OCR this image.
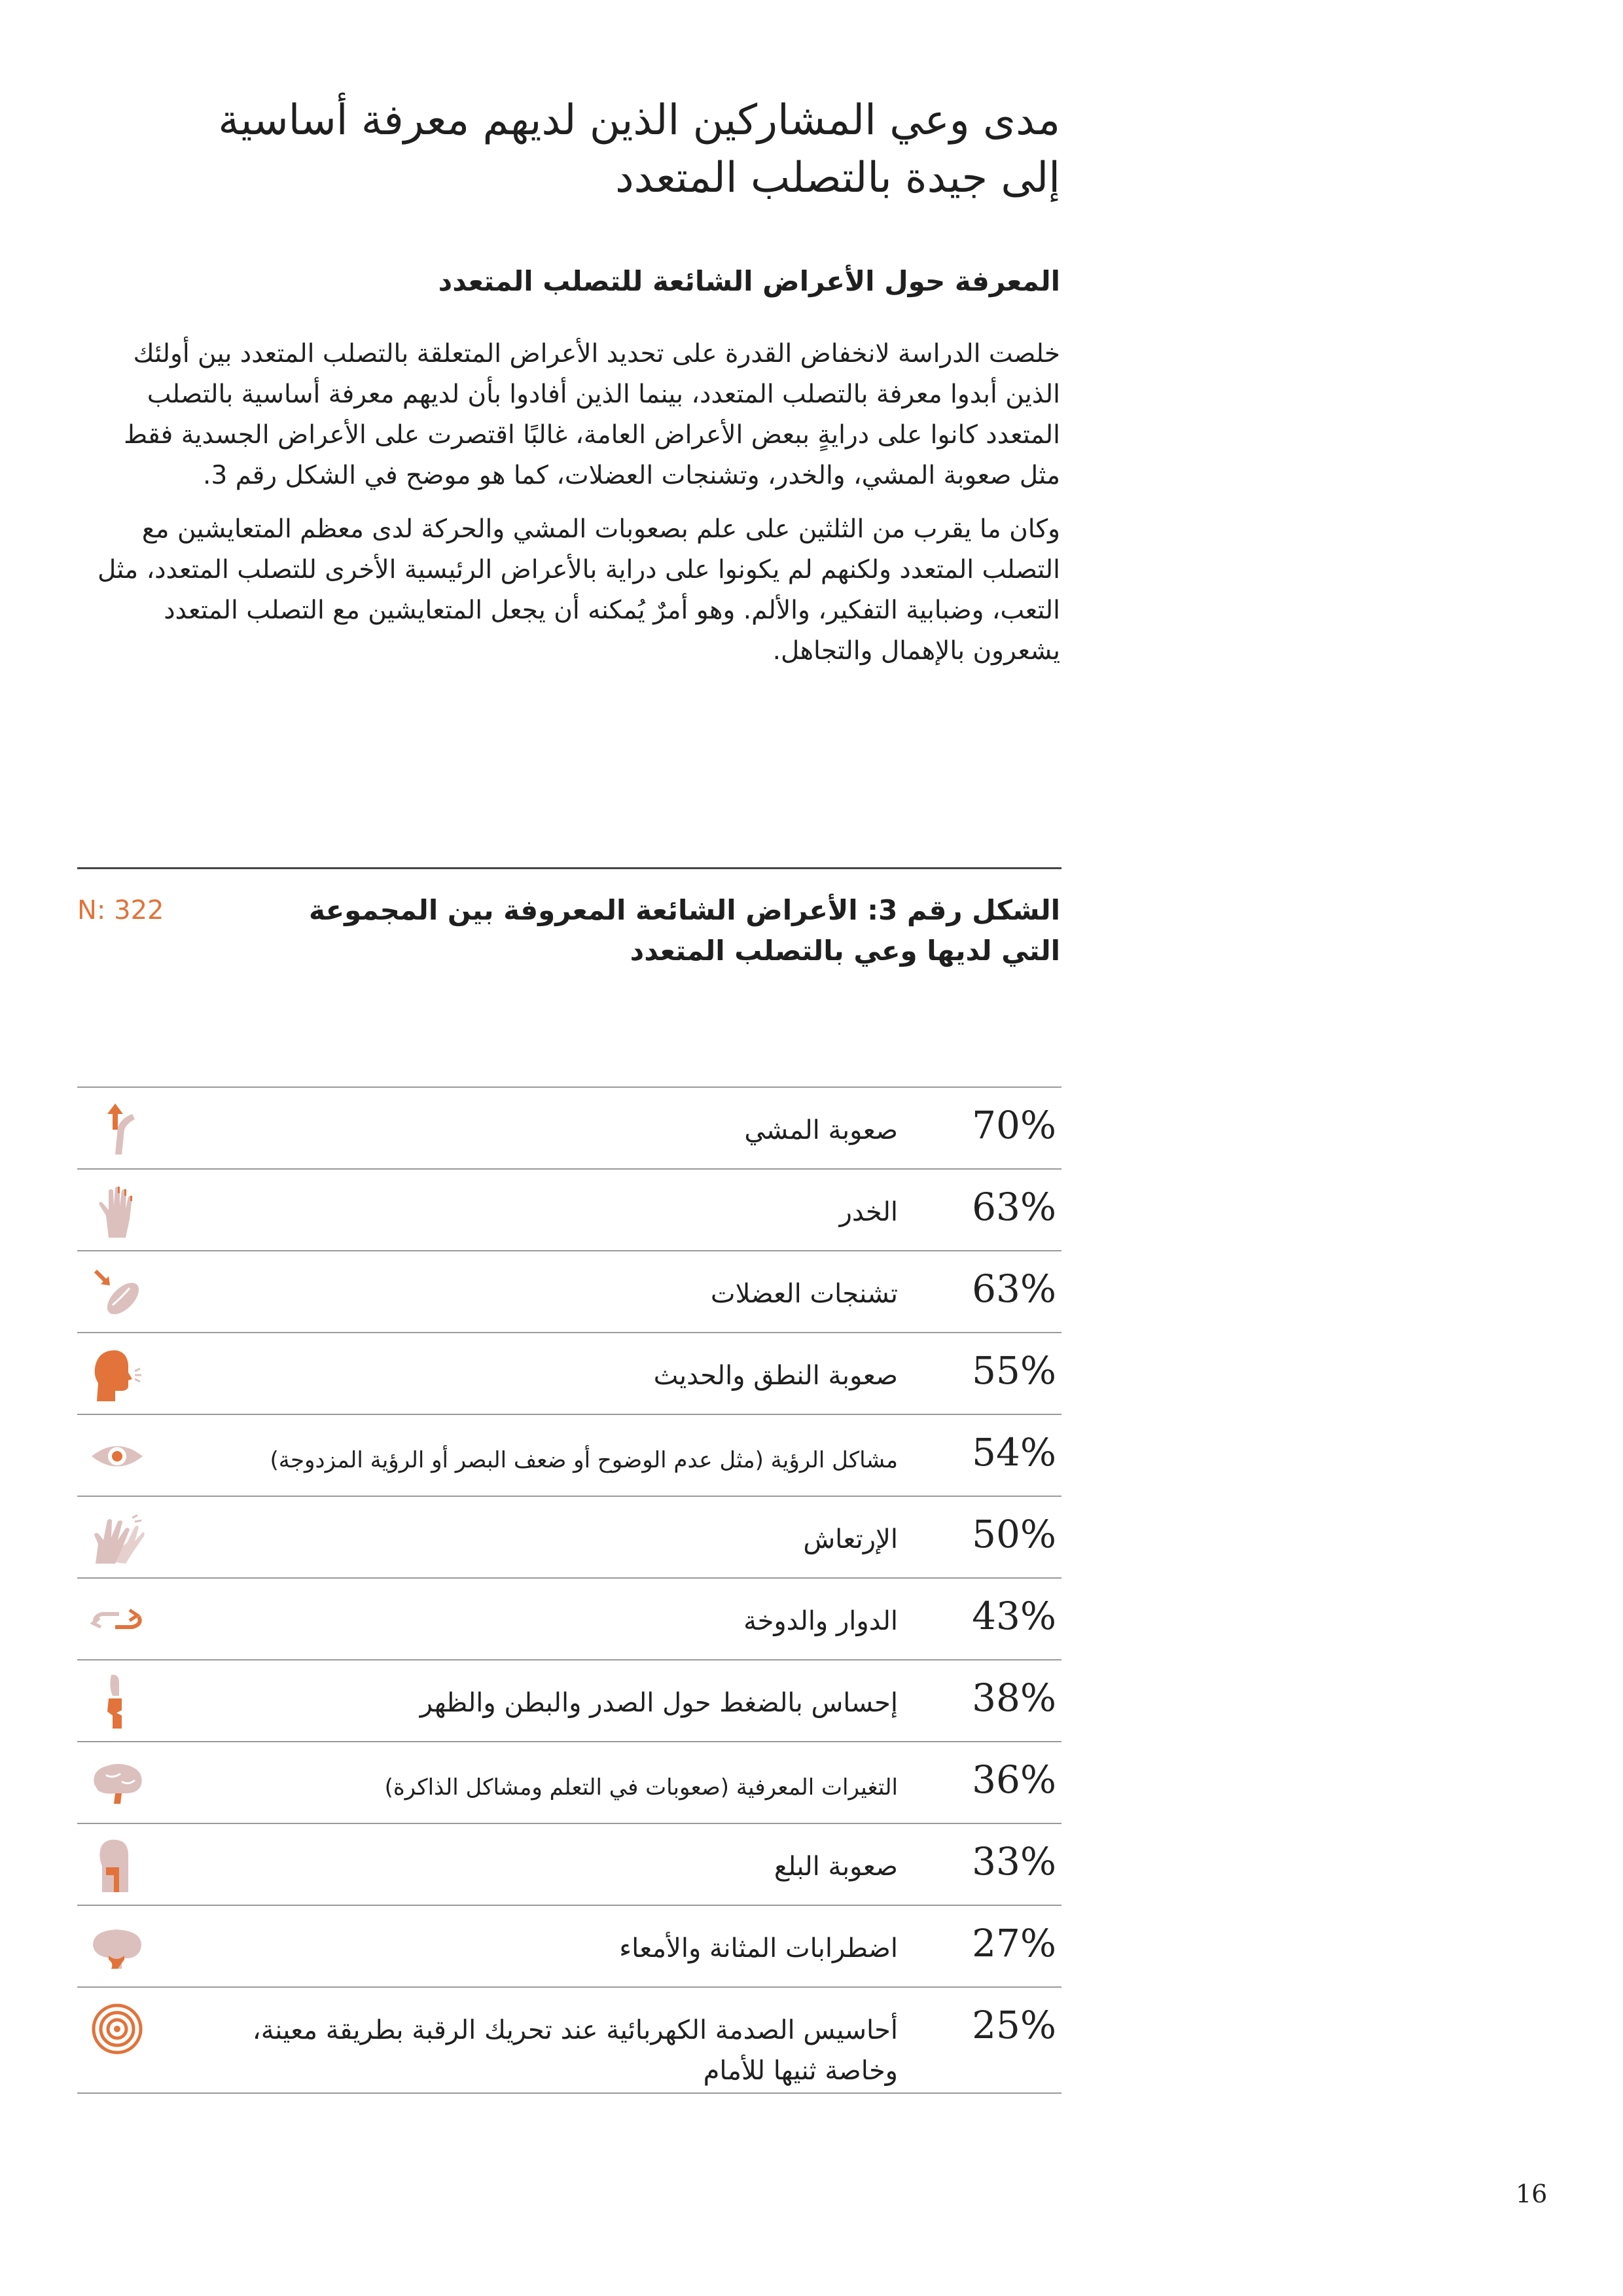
مدى وعي المشاركين الذين لديهم معرفة أساسية إلى جيدة بالتصلب المتعدد
المعرفة حول الأعراض الشائعة للتصلب المتعدد

خلصت الدراسة لانخفاض القدرة على تحديد الأعراض المتعلقة بالتصلب المتعدد بين أولئك الذين أبدوا معرفة بالتصلب المتعدد، بينما الذين أفادوا بأن لديهم معرفة أساسية بالتصلب المتعدد كانوا على درايةٍ ببعض الأعراض العامة، غالبًا اقتصرت على الأعراض الجسدية فقط مثل صعوبة المشي، والخدر، وتشنجات العضلات، كما هو موضح في الشكل رقم 3.

وكان ما يقرب من الثلثين على علم بصعوبات المشي والحركة لدى معظم المتعايشين مع التصلب المتعدد ولكنهم لم يكونوا على دراية بالأعراض الرئيسية الأخرى للتصلب المتعدد، مثل التعب، وضبابية التفكير، والألم. وهو أمرٌ يُمكنه أن يجعل المتعايشين مع التصلب المتعدد يشعرون بالإهمال والتجاهل.

الشكل رقم 3: الأعراض الشائعة المعروفة بين المجموعة التي لديها وعي بالتصلب المتعدد
N: 322
70%
صعوبة المشي
63%
الخدر
63%
تشنجات العضلات
55%
صعوبة النطق والحديث
54%
مشاكل الرؤية (مثل عدم الوضوح أو ضعف البصر أو الرؤية المزدوجة)
50%
الإرتعاش
43%
الدوار والدوخة
38%
إحساس بالضغط حول الصدر والبطن والظهر
36%
التغيرات المعرفية (صعوبات في التعلم ومشاكل الذاكرة)
33%
صعوبة البلع
27%
اضطرابات المثانة والأمعاء
25%
أحاسيس الصدمة الكهربائية عند تحريك الرقبة بطريقة معينة، وخاصة ثنيها للأمام
16
